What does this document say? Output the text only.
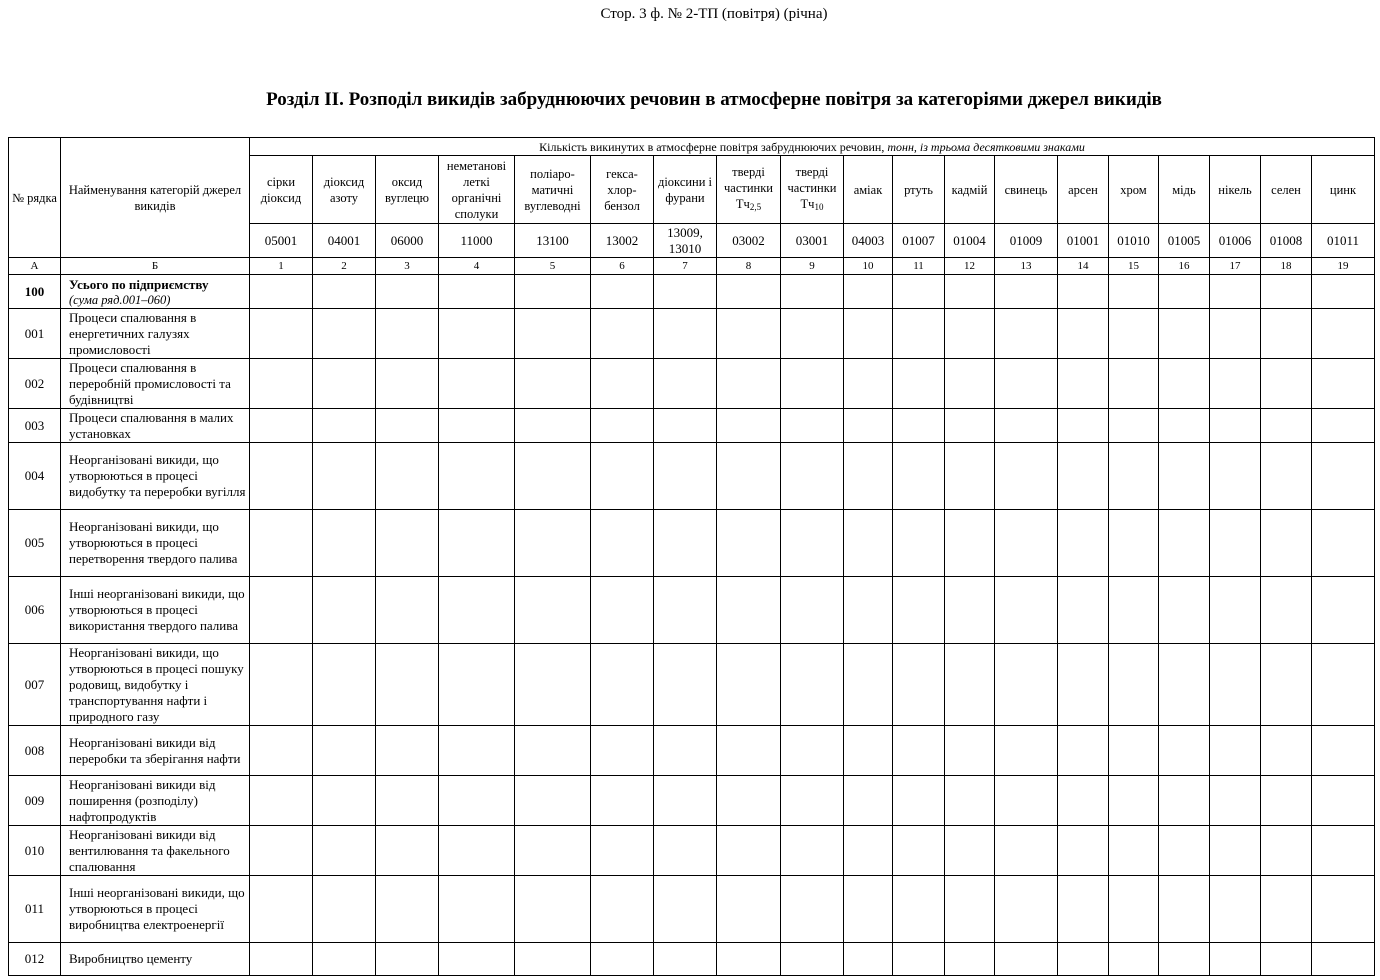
Стор. 3 ф. № 2-ТП (повітря) (річна)
Розділ ІІ. Розподіл викидів забруднюючих речовин в атмосферне повітря за категоріями джерел викидів
№ рядка	Найменування категорій джерел викидів	Кількість викинутих в атмосферне повітря забруднюючих речовин, тонн, із трьома десятковими знаками																		
		сірки діоксид	діоксид азоту	оксид вуглецю	неметанові леткі органічні сполуки	поліаро-матичні вуглеводні	гекса-хлор-бензол	діоксини і фурани	тверді частинки Тч2,5	тверді частинки Тч10	аміак	ртуть	кадмій	свинець	арсен	хром	мідь	нікель	селен	цинк
		05001	04001	06000	11000	13100	13002	13009, 13010	03002	03001	04003	01007	01004	01009	01001	01010	01005	01006	01008	01011
А	Б	1	2	3	4	5	6	7	8	9	10	11	12	13	14	15	16	17	18	19
100	Усього по підприємству
(сума ряд.001–060)																			

001	Процеси спалювання в енергетичних галузях промисловості																			
002	Процеси спалювання в переробній промисловості та будівництві																			
003	Процеси спалювання в малих установках																			
004	Неорганізовані викиди, що утворюються в процесі видобутку та переробки вугілля																			
005	Неорганізовані викиди, що утворюються в процесі перетворення твердого палива																			
006	Інші неорганізовані викиди, що утворюються в процесі використання твердого палива																			
007	Неорганізовані викиди, що утворюються в процесі пошуку родовищ, видобутку і транспортування нафти і природного газу																			
008	Неорганізовані викиди від переробки та зберігання нафти																			
009	Неорганізовані викиди від поширення (розподілу) нафтопродуктів																			
010	Неорганізовані викиди від вентилювання та факельного спалювання																			
011	Інші неорганізовані викиди, що утворюються в процесі виробництва електроенергії																			
012	Виробництво цементу																			
